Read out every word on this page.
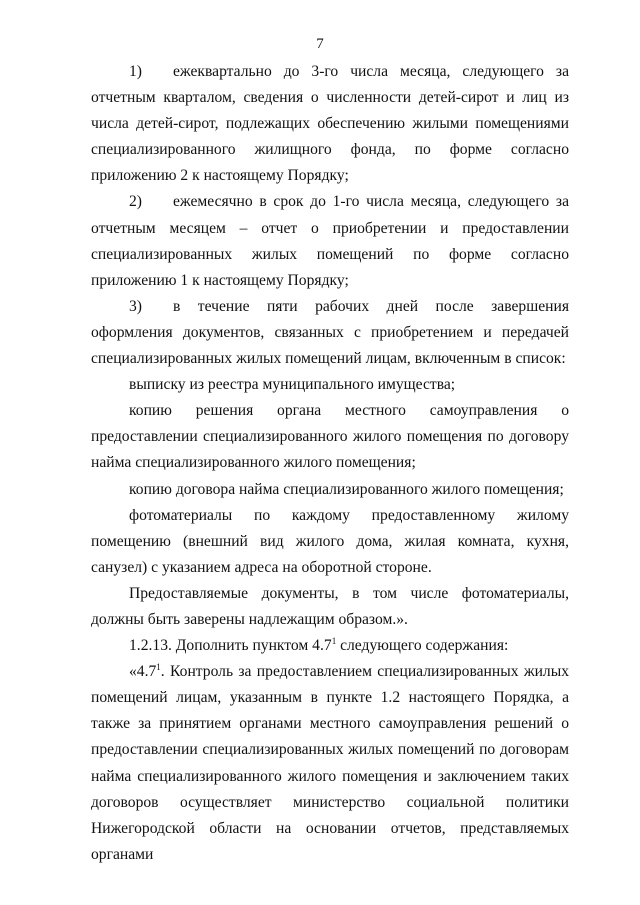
7

1) ежеквартально до 3-го числа месяца, следующего за отчетным кварталом, сведения о численности детей-сирот и лиц из числа детей-сирот, подлежащих обеспечению жилыми помещениями специализированного жилищного фонда, по форме согласно приложению 2 к настоящему Порядку;

2) ежемесячно в срок до 1-го числа месяца, следующего за отчетным месяцем – отчет о приобретении и предоставлении специализированных жилых помещений по форме согласно приложению 1 к настоящему Порядку;

3) в течение пяти рабочих дней после завершения оформления документов, связанных с приобретением и передачей специализированных жилых помещений лицам, включенным в список:

выписку из реестра муниципального имущества;

копию решения органа местного самоуправления о предоставлении специализированного жилого помещения по договору найма специализированного жилого помещения;

копию договора найма специализированного жилого помещения;

фотоматериалы по каждому предоставленному жилому помещению (внешний вид жилого дома, жилая комната, кухня, санузел) с указанием адреса на оборотной стороне.

Предоставляемые документы, в том числе фотоматериалы, должны быть заверены надлежащим образом.».

1.2.13. Дополнить пунктом $4.7^1$ следующего содержания:

«$4.7^1$. Контроль за предоставлением специализированных жилых помещений лицам, указанным в пункте 1.2 настоящего Порядка, а также за принятием органами местного самоуправления решений о предоставлении специализированных жилых помещений по договорам найма специализированного жилого помещения и заключением таких договоров осуществляет министерство социальной политики Нижегородской области на основании отчетов, представляемых органами
